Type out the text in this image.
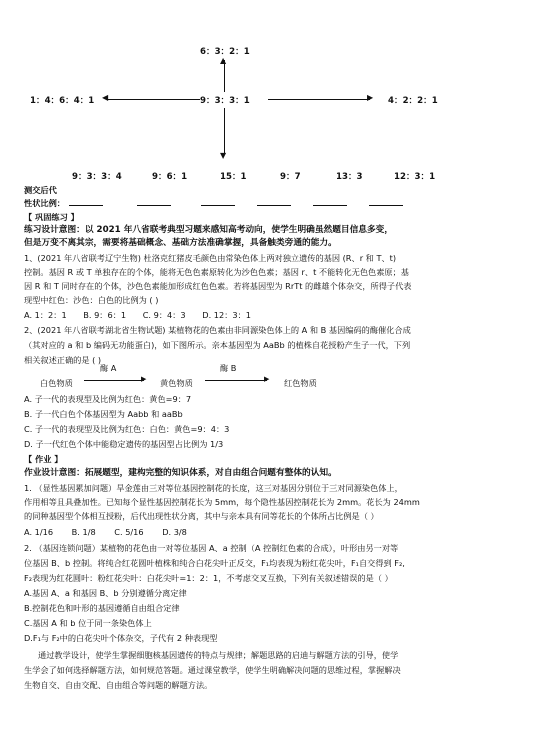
6：3：2：1
▲
1：4：6：4：1 ◀	9：3：3：1	▶ 4：2：2：1
▼
9：3：3：4	9：6：1	15：1	9：7	13：3	12：3：1
测交后代
性状比例：
【 巩固练习 】
练习设计意图：以 2021 年八省联考典型习题来感知高考动向，使学生明确虽然题目信息多变，
但是万变不离其宗，需要将基础概念、基础方法准确掌握，具备触类旁通的能力。
1、(2021 年八省联考辽宁生物) 杜洛克红猪皮毛颜色由常染色体上两对独立遗传的基因 (R、r 和 T、t)
控制。基因 R 或 T 单独存在的个体，能将无色色素原转化为沙色色素；基因 r、t 不能转化无色色素原；基
因 R 和 T 同时存在的个体，沙色色素能加形成红色色素。若将基因型为 RrTt 的雌雄个体杂交，所得子代表
现型中红色：沙色：白色的比例为 ( )
A. 1：2：1 B. 9：6：1 C. 9：4：3 D. 12：3：1
2、(2021 年八省联考湖北省生物试题) 某植物花的色素由非同源染色体上的 A 和 B 基因编码的酶催化合成
（其对应的 a 和 b 编码无功能蛋白)，如下图所示。亲本基因型为 AaBb 的植株自花授粉产生子一代，下列
相关叙述正确的是 ( )
酶 A	酶 B
白色物质	▶ 黄色物质	▶ 红色物质
A. 子一代的表现型及比例为红色：黄色=9：7
B. 子一代白色个体基因型为 Aabb 和 aaBb
C. 子一代的表现型及比例为红色：白色：黄色=9：4：3
D. 子一代红色个体中能稳定遗传的基因型占比例为 1/3
【 作业 】
作业设计意图：拓展题型，建构完整的知识体系，对自由组合问题有整体的认知。
1. （显性基因累加问题）旱金莲由三对等位基因控制花的长度，这三对基因分别位于三对同源染色体上，
作用相等且具叠加性。已知每个显性基因控制花长为 5mm，每个隐性基因控制花长为 2mm。花长为 24mm
的同种基因型个体相互授粉，后代出现性状分离，其中与亲本具有同等花长的个体所占比例是（ ）
A. 1/16 B. 1/8 C. 5/16 D. 3/8
2. （基因连锁问题）某植物的花色由一对等位基因 A、a 控制（A 控制红色素的合成），叶形由另一对等
位基因 B、b 控制。将纯合红花圆叶植株和纯合白花尖叶正反交，F₁均表现为粉红花尖叶，F₁自交得到 F₂,
F₂表现为红花圆叶：粉红花尖叶：白花尖叶=1：2：1，不考虑交叉互换，下列有关叙述错误的是（ ）
A.基因 A、a 和基因 B、b 分别遵循分离定律
B.控制花色和叶形的基因遵循自由组合定律
C.基因 A 和 b 位于同一条染色体上
D.F₁与 F₂中的白花尖叶个体杂交，子代有 2 种表现型
通过教学设计，使学生掌握细胞核基因遗传的特点与规律；解题思路的启迪与解题方法的引导，使学
生学会了如何选择解题方法，如何规范答题。通过课堂教学，使学生明确解决问题的思维过程，掌握解决
生物自交、自由交配、自由组合等问题的解题方法。
